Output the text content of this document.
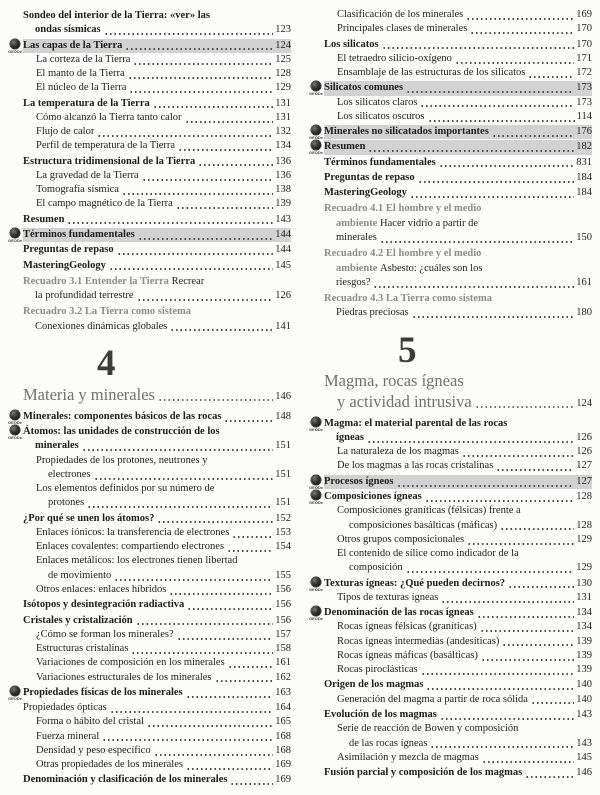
Sondeo del interior de la Tierra: «ver» las
ondas sísmicas	123
GEODe
Las capas de la Tierra	124
La corteza de la Tierra	125
El manto de la Tierra	128
El núcleo de la Tierra	129
La temperatura de la Tierra	131
Cómo alcanzó la Tierra tanto calor	131
Flujo de calor	132
Perfil de temperatura de la Tierra	134
Estructura tridimensional de la Tierra	136
La gravedad de la Tierra	136
Tomografía sísmica	138
El campo magnético de la Tierra	139
Resumen	143
GEODe
Términos fundamentales	144
Preguntas de repaso	144
MasteringGeology	145
Recuadro 3.1 Entender la Tierra Recrear
la profundidad terrestre	126
Recuadro 3.2 La Tierra como sistema
Conexiones dinámicas globales	141
4
Materia y minerales	146
GEODe
Minerales: componentes básicos de las rocas	148
GEODe
Átomos: las unidades de construcción de los
minerales	151
Propiedades de los protones, neutrones y
electrones	151
Los elementos definidos por su número de
protones	151
¿Por qué se unen los átomos?	152
Enlaces iónicos: la transferencia de electrones	153
Enlaces covalentes: compartiendo electrones	154
Enlaces metálicos: los electrones tienen libertad
de movimiento	155
Otros enlaces: enlaces híbridos	156
Isótopos y desintegración radiactiva	156
Cristales y cristalización	156
¿Cómo se forman los minerales?	157
Estructuras cristalinas	158
Variaciones de composición en los minerales	161
Variaciones estructurales de los minerales	162
GEODe
Propiedades físicas de los minerales	163
Propiedades ópticas	164
Forma o hábito del cristal	165
Fuerza mineral	168
Densidad y peso específico	168
Otras propiedades de los minerales	169
Denominación y clasificación de los minerales	169
Clasificación de los minerales	169
Principales clases de minerales	170
Los silicatos	170
El tetraedro silicio-oxígeno	171
Ensamblaje de las estructuras de los silicatos	172
GEODe
Silicatos comunes	173
Los silicatos claros	173
Los silicatos oscuros	114
GEODe
Minerales no silicatados importantes	176
GEODe
Resumen	182
Términos fundamentales	831
Preguntas de repaso	184
MasteringGeology	184
Recuadro 4.1 El hombre y el medio
ambiente Hacer vidrio a partir de
minerales	150
Recuadro 4.2 El hombre y el medio
ambiente Asbesto: ¿cuáles son los
riesgos?	161
Recuadro 4.3 La Tierra como sistema
Piedras preciosas	180
5
Magma, rocas ígneas
y actividad intrusiva	124
GEODe
Magma: el material parental de las rocas
ígneas	126
La naturaleza de los magmas	126
De los magmas a las rocas cristalinas	127
GEODe
Procesos ígneos	127
GEODe
Composiciones ígneas	128
Composiciones graníticas (félsicas) frente a
composiciones basálticas (máficas)	128
Otros grupos composicionales	129
El contenido de sílice como indicador de la
composición	129
GEODe
Texturas ígneas: ¿Qué pueden decirnos?	130
Tipos de texturas ígneas	131
GEODe
Denominación de las rocas ígneas	134
Rocas ígneas félsicas (graníticas)	134
Rocas ígneas intermedias (andesíticas)	139
Rocas ígneas máficas (basálticas)	139
Rocas piroclásticas	139
Origen de los magmas	140
Generación del magma a partir de roca sólida	140
Evolución de los magmas	143
Serie de reacción de Bowen y composición
de las rocas ígneas	143
Asimilación y mezcla de magmas	145
Fusión parcial y composición de los magmas	146
